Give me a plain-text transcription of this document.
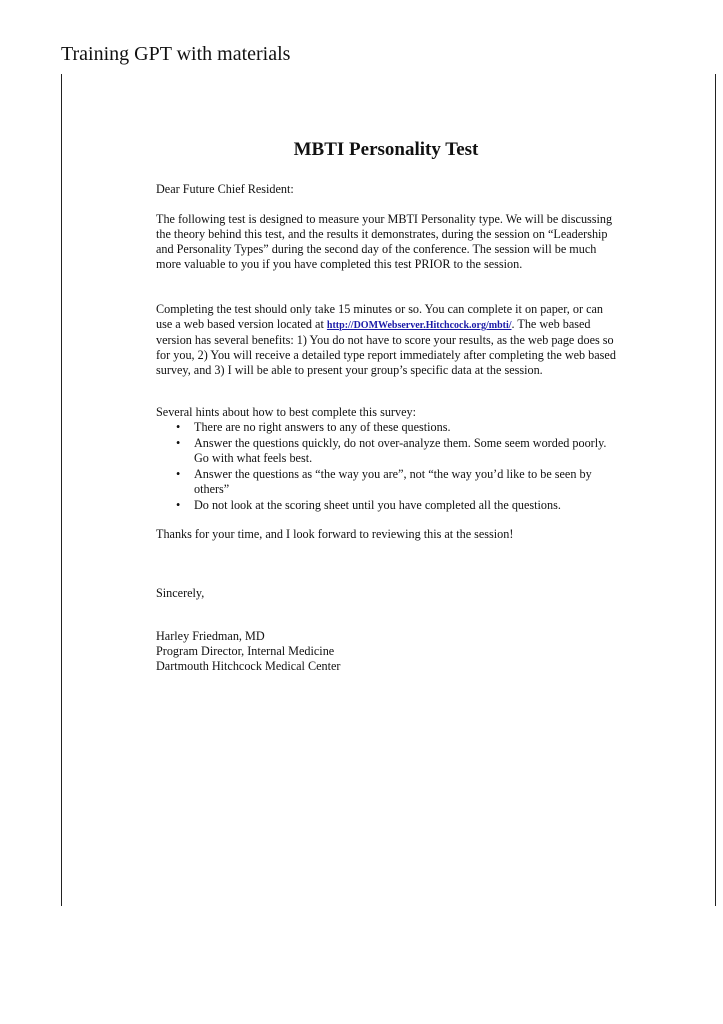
Training GPT with materials
MBTI Personality Test

Dear Future Chief Resident:

The following test is designed to measure your MBTI Personality type. We will be discussing the theory behind this test, and the results it demonstrates, during the session on “Leadership and Personality Types” during the second day of the conference. The session will be much more valuable to you if you have completed this test PRIOR to the session.

Completing the test should only take 15 minutes or so. You can complete it on paper, or can use a web based version located at http://DOMWebserver.Hitchcock.org/mbti/. The web based version has several benefits: 1) You do not have to score your results, as the web page does so for you, 2) You will receive a detailed type report immediately after completing the web based survey, and 3) I will be able to present your group’s specific data at the session.

Several hints about how to best complete this survey:

• There are no right answers to any of these questions.
• Answer the questions quickly, do not over-analyze them. Some seem worded poorly. Go with what feels best.
• Answer the questions as “the way you are”, not “the way you’d like to be seen by others”
• Do not look at the scoring sheet until you have completed all the questions.

Thanks for your time, and I look forward to reviewing this at the session!

Sincerely,

Harley Friedman, MD
Program Director, Internal Medicine
Dartmouth Hitchcock Medical Center
